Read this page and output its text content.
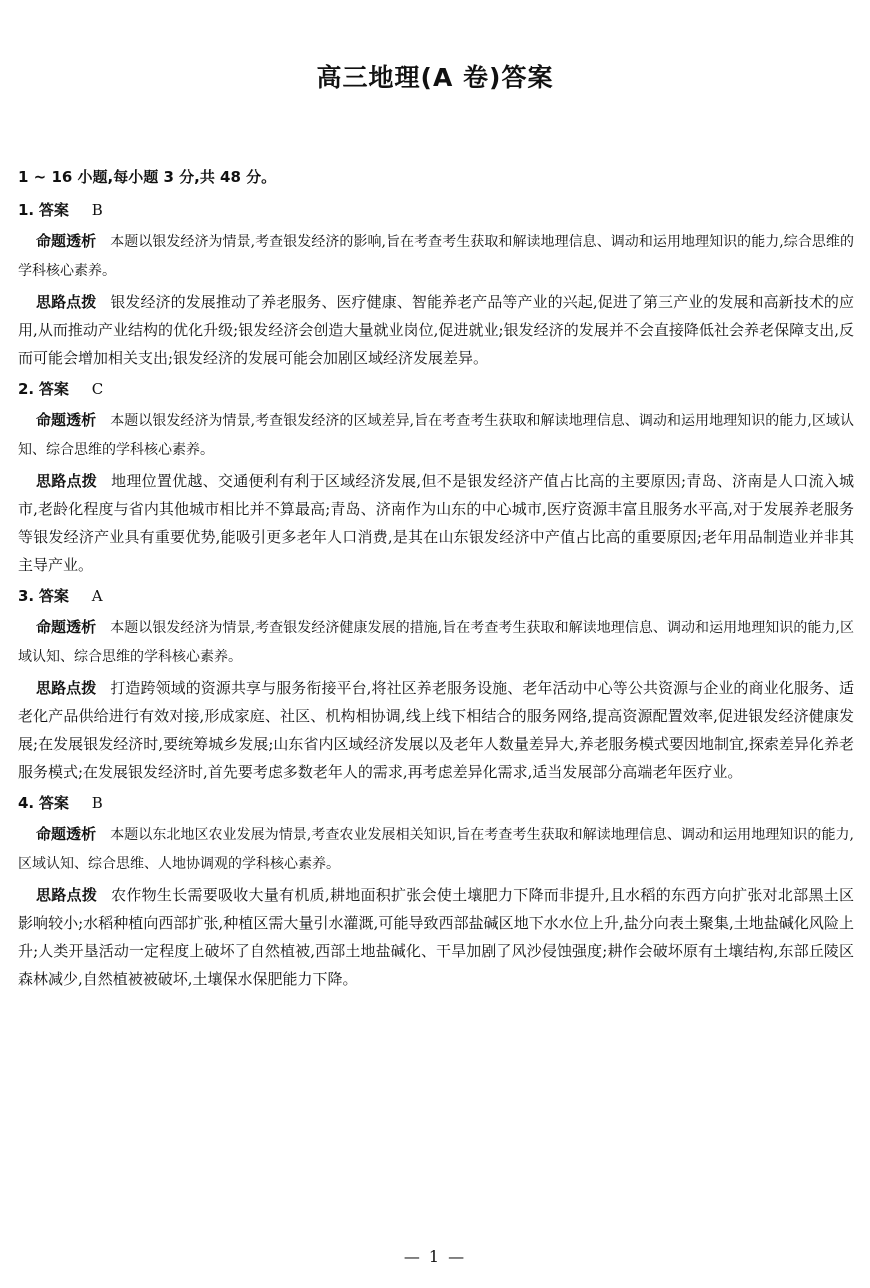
高三地理(A 卷)答案
1 ~ 16 小题,每小题 3 分,共 48 分。
1. 答案 B

命题透析 本题以银发经济为情景,考查银发经济的影响,旨在考查考生获取和解读地理信息、调动和运用地理知识的能力,综合思维的学科核心素养。

思路点拨 银发经济的发展推动了养老服务、医疗健康、智能养老产品等产业的兴起,促进了第三产业的发展和高新技术的应用,从而推动产业结构的优化升级;银发经济会创造大量就业岗位,促进就业;银发经济的发展并不会直接降低社会养老保障支出,反而可能会增加相关支出;银发经济的发展可能会加剧区域经济发展差异。

2. 答案 C

命题透析 本题以银发经济为情景,考查银发经济的区域差异,旨在考查考生获取和解读地理信息、调动和运用地理知识的能力,区域认知、综合思维的学科核心素养。

思路点拨 地理位置优越、交通便利有利于区域经济发展,但不是银发经济产值占比高的主要原因;青岛、济南是人口流入城市,老龄化程度与省内其他城市相比并不算最高;青岛、济南作为山东的中心城市,医疗资源丰富且服务水平高,对于发展养老服务等银发经济产业具有重要优势,能吸引更多老年人口消费,是其在山东银发经济中产值占比高的重要原因;老年用品制造业并非其主导产业。

3. 答案 A

命题透析 本题以银发经济为情景,考查银发经济健康发展的措施,旨在考查考生获取和解读地理信息、调动和运用地理知识的能力,区域认知、综合思维的学科核心素养。

思路点拨 打造跨领域的资源共享与服务衔接平台,将社区养老服务设施、老年活动中心等公共资源与企业的商业化服务、适老化产品供给进行有效对接,形成家庭、社区、机构相协调,线上线下相结合的服务网络,提高资源配置效率,促进银发经济健康发展;在发展银发经济时,要统筹城乡发展;山东省内区域经济发展以及老年人数量差异大,养老服务模式要因地制宜,探索差异化养老服务模式;在发展银发经济时,首先要考虑多数老年人的需求,再考虑差异化需求,适当发展部分高端老年医疗业。

4. 答案 B

命题透析 本题以东北地区农业发展为情景,考查农业发展相关知识,旨在考查考生获取和解读地理信息、调动和运用地理知识的能力,区域认知、综合思维、人地协调观的学科核心素养。

思路点拨 农作物生长需要吸收大量有机质,耕地面积扩张会使土壤肥力下降而非提升,且水稻的东西方向扩张对北部黑土区影响较小;水稻种植向西部扩张,种植区需大量引水灌溉,可能导致西部盐碱区地下水水位上升,盐分向表土聚集,土地盐碱化风险上升;人类开垦活动一定程度上破坏了自然植被,西部土地盐碱化、干旱加剧了风沙侵蚀强度;耕作会破坏原有土壤结构,东部丘陵区森林减少,自然植被被破坏,土壤保水保肥能力下降。

— 1 —
